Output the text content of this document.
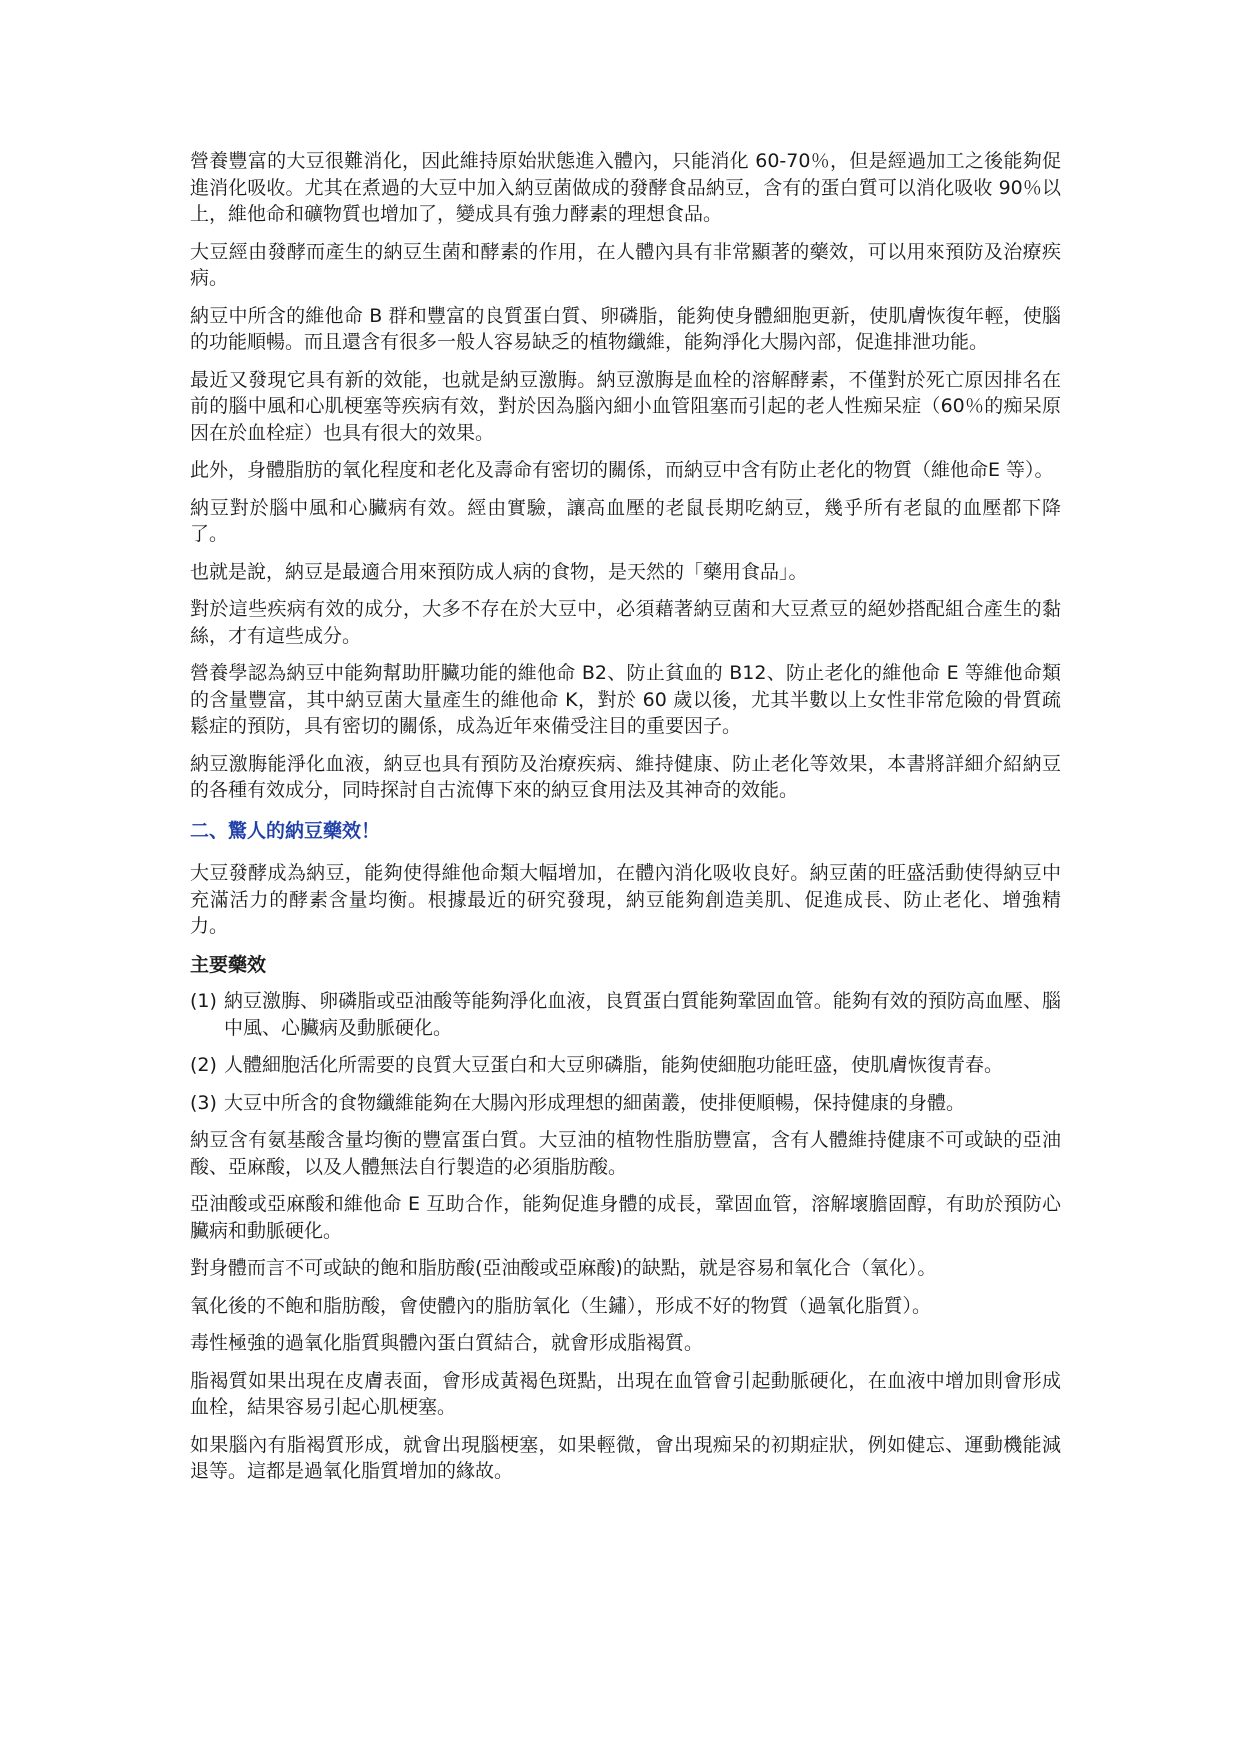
營養豐富的大豆很難消化，因此維持原始狀態進入體內，只能消化 60-70％，但是經過加工之後能夠促進消化吸收。尤其在煮過的大豆中加入納豆菌做成的發酵食品納豆，含有的蛋白質可以消化吸收 90％以上，維他命和礦物質也增加了，變成具有強力酵素的理想食品。

大豆經由發酵而產生的納豆生菌和酵素的作用，在人體內具有非常顯著的藥效，可以用來預防及治療疾病。

納豆中所含的維他命 B 群和豐富的良質蛋白質、卵磷脂，能夠使身體細胞更新，使肌膚恢復年輕，使腦的功能順暢。而且還含有很多一般人容易缺乏的植物纖維，能夠淨化大腸內部，促進排泄功能。

最近又發現它具有新的效能，也就是納豆激脢。納豆激脢是血栓的溶解酵素，不僅對於死亡原因排名在前的腦中風和心肌梗塞等疾病有效，對於因為腦內細小血管阻塞而引起的老人性痴呆症（60％的痴呆原因在於血栓症）也具有很大的效果。

此外，身體脂肪的氧化程度和老化及壽命有密切的關係，而納豆中含有防止老化的物質（維他命E 等）。

納豆對於腦中風和心臟病有效。經由實驗，讓高血壓的老鼠長期吃納豆，幾乎所有老鼠的血壓都下降了。

也就是說，納豆是最適合用來預防成人病的食物，是天然的「藥用食品」。

對於這些疾病有效的成分，大多不存在於大豆中，必須藉著納豆菌和大豆煮豆的絕妙搭配組合產生的黏絲，才有這些成分。

營養學認為納豆中能夠幫助肝臟功能的維他命 B2、防止貧血的 B12、防止老化的維他命 E 等維他命類的含量豐富，其中納豆菌大量產生的維他命 K，對於 60 歲以後，尤其半數以上女性非常危險的骨質疏鬆症的預防，具有密切的關係，成為近年來備受注目的重要因子。

納豆激脢能淨化血液，納豆也具有預防及治療疾病、維持健康、防止老化等效果，本書將詳細介紹納豆的各種有效成分，同時探討自古流傳下來的納豆食用法及其神奇的效能。

二、驚人的納豆藥效！

大豆發酵成為納豆，能夠使得維他命類大幅增加，在體內消化吸收良好。納豆菌的旺盛活動使得納豆中充滿活力的酵素含量均衡。根據最近的研究發現，納豆能夠創造美肌、促進成長、防止老化、增強精力。

主要藥效
(1) 納豆激脢、卵磷脂或亞油酸等能夠淨化血液，良質蛋白質能夠鞏固血管。能夠有效的預防高血壓、腦中風、心臟病及動脈硬化。
(2) 人體細胞活化所需要的良質大豆蛋白和大豆卵磷脂，能夠使細胞功能旺盛，使肌膚恢復青春。
(3) 大豆中所含的食物纖維能夠在大腸內形成理想的細菌叢，使排便順暢，保持健康的身體。

納豆含有氨基酸含量均衡的豐富蛋白質。大豆油的植物性脂肪豐富，含有人體維持健康不可或缺的亞油酸、亞麻酸，以及人體無法自行製造的必須脂肪酸。

亞油酸或亞麻酸和維他命 E 互助合作，能夠促進身體的成長，鞏固血管，溶解壞膽固醇，有助於預防心臟病和動脈硬化。

對身體而言不可或缺的飽和脂肪酸(亞油酸或亞麻酸)的缺點，就是容易和氧化合（氧化）。

氧化後的不飽和脂肪酸，會使體內的脂肪氧化（生鏽），形成不好的物質（過氧化脂質）。

毒性極強的過氧化脂質與體內蛋白質結合，就會形成脂褐質。

脂褐質如果出現在皮膚表面，會形成黃褐色斑點，出現在血管會引起動脈硬化，在血液中增加則會形成血栓，結果容易引起心肌梗塞。

如果腦內有脂褐質形成，就會出現腦梗塞，如果輕微，會出現痴呆的初期症狀，例如健忘、運動機能減退等。這都是過氧化脂質增加的緣故。
